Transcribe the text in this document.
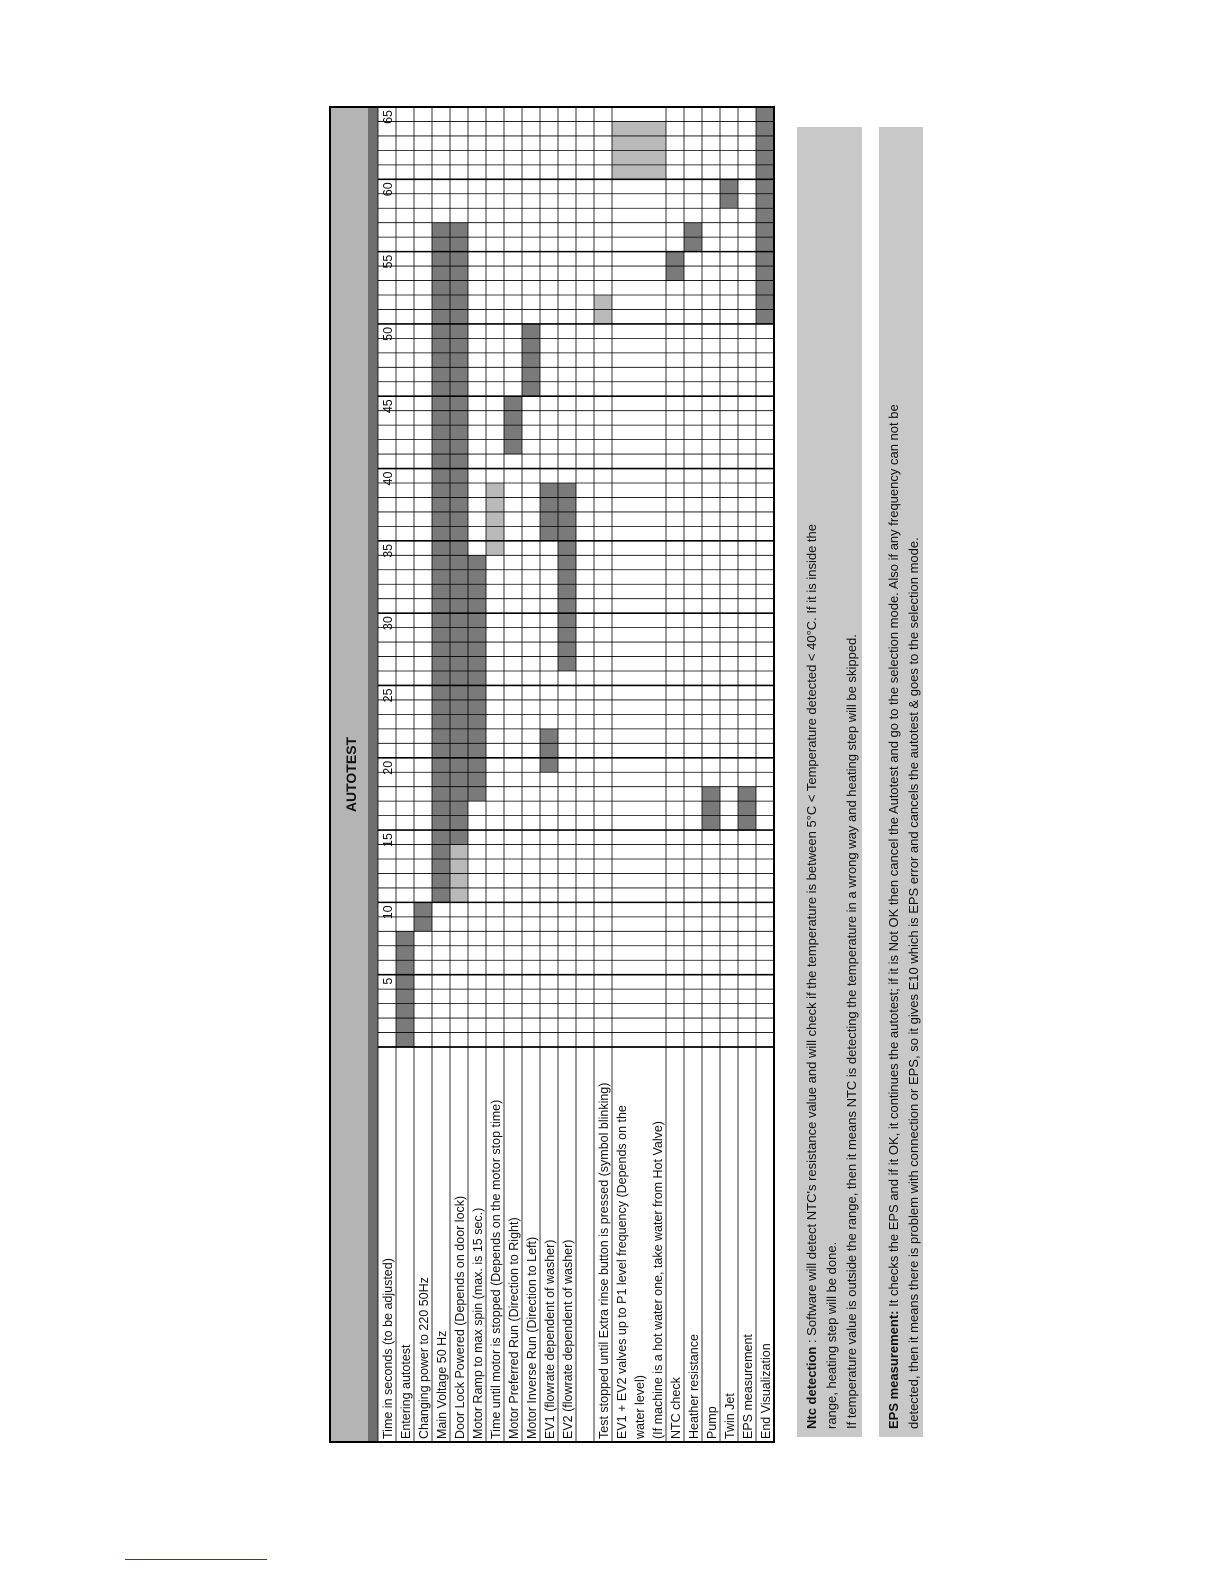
AUTOTEST
Time in seconds (to be adjusted) Entering autotest Changing power to 220 50Hz Main Voltage 50 Hz Door Lock Powered (Depends on door lock) Motor Ramp to max spin (max. is 15 sec.) Time until motor is stopped (Depends on the motor stop time) Motor Preferred Run (Direction to Right) Motor Inverse Run (Direction to Left) EV1 (flowrate dependent of washer) EV2 (flowrate dependent of washer) Test stopped until Extra rinse button is pressed (symbol blinking) EV1 + EV2 valves up to P1 level frequency (Depends on the water level) (If machine is a hot water one, take water from Hot Valve) NTC check Heather resistance Pump Twin Jet EPS measurement End Visualization
5
10
15
20
25
30
35
40
45
50
55
60
65
Ntc detection : Software will detect NTC's resistance value and will check if the temperature is between 5°C < Temperature detected < 40°C. If it is inside the range, heating step will be done. If temperature value is outside the range, then it means NTC is detecting the temperature in a wrong way and heating step will be skipped. EPS measurement: It checks the EPS and if it OK, it continues the autotest; if it is Not OK then cancel the Autotest and go to the selection mode. Also if any frequency can not be detected, then it means there is problem with connection or EPS, so it gives E10 which is EPS error and cancels the autotest & goes to the selection mode.
